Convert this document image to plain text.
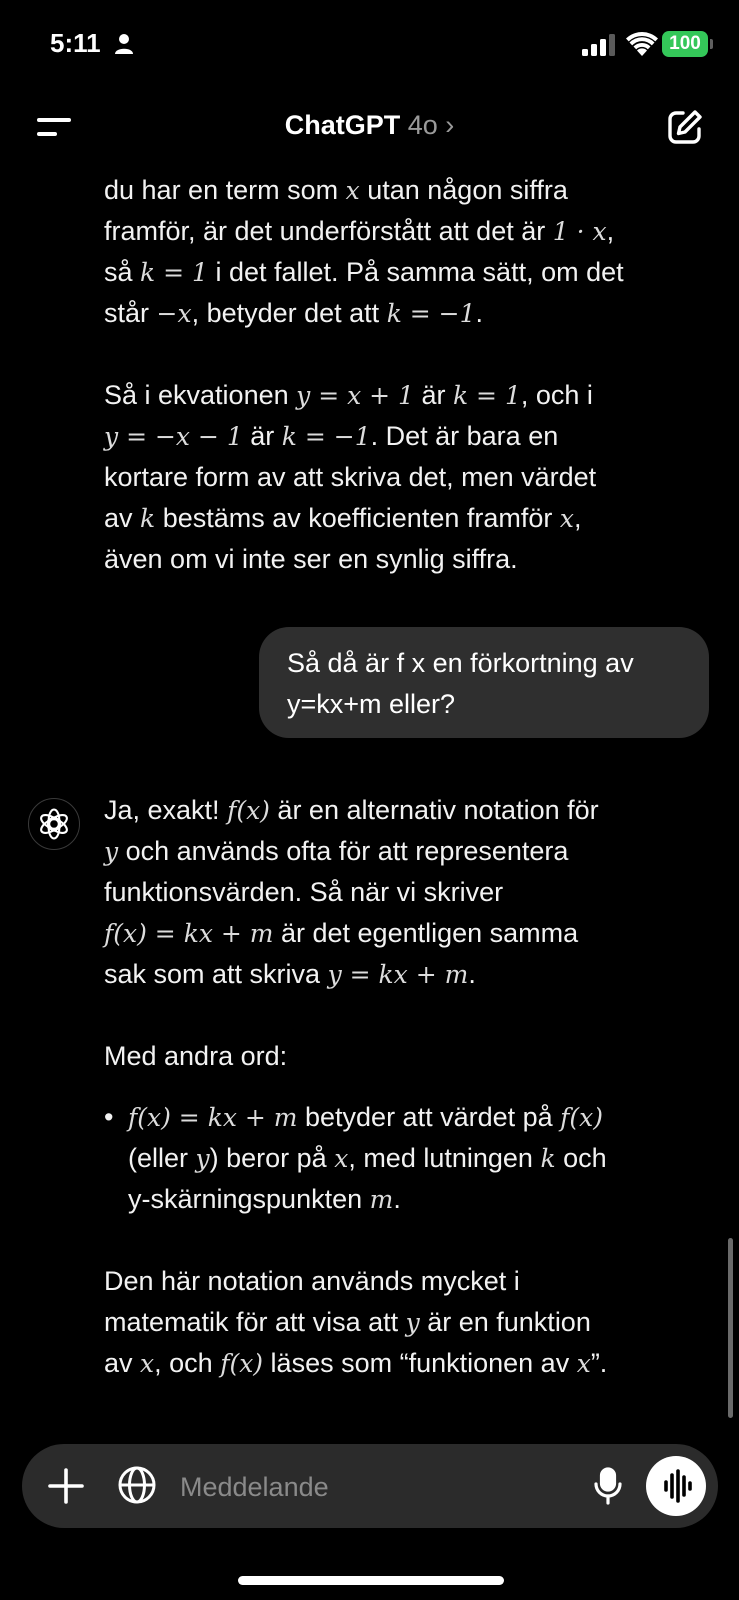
5:11	100
ChatGPT 4o ›

du har en term som x utan någon siffra
framför, är det underförstått att det är 1 · x,
så k = 1 i det fallet. På samma sätt, om det
står −x, betyder det att k = −1.

Så i ekvationen y = x + 1 är k = 1, och i
y = −x − 1 är k = −1. Det är bara en
kortare form av att skriva det, men värdet
av k bestäms av koefficienten framför x,
även om vi inte ser en synlig siffra.

Så då är f x en förkortning av
y=kx+m eller?

Ja, exakt! f(x) är en alternativ notation för
y och används ofta för att representera
funktionsvärden. Så när vi skriver
f(x) = kx + m är det egentligen samma
sak som att skriva y = kx + m.

Med andra ord:

• f(x) = kx + m betyder att värdet på f(x)
(eller y) beror på x, med lutningen k och
y-skärningspunkten m.

Den här notation används mycket i
matematik för att visa att y är en funktion
av x, och f(x) läses som “funktionen av x”.

Meddelande
